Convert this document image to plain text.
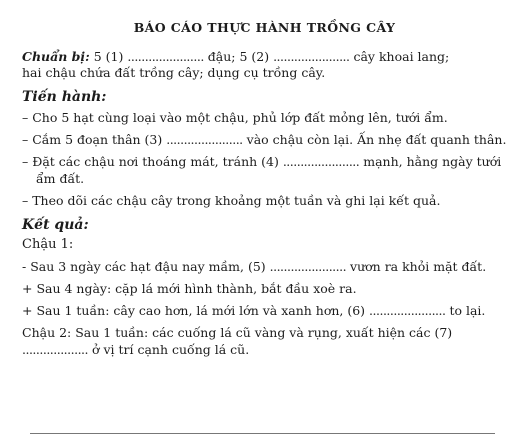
BÁO CÁO THỰC HÀNH TRỒNG CÂY

Chuẩn bị: 5 (1) ...................... đậu; 5 (2) ...................... cây khoai lang;
hai chậu chứa đất trồng cây; dụng cụ trồng cây.

Tiến hành:
– Cho 5 hạt cùng loại vào một chậu, phủ lớp đất mỏng lên, tưới ẩm.
– Cắm 5 đoạn thân (3) ...................... vào chậu còn lại. Ấn nhẹ đất quanh thân.
– Đặt các chậu nơi thoáng mát, tránh (4) ...................... mạnh, hằng ngày tưới ẩm đất.
– Theo dõi các chậu cây trong khoảng một tuần và ghi lại kết quả.
Kết quả:
Chậu 1:
- Sau 3 ngày các hạt đậu nay mầm, (5) ...................... vươn ra khỏi mặt đất.
+ Sau 4 ngày: cặp lá mới hình thành, bắt đầu xoè ra.
+ Sau 1 tuần: cây cao hơn, lá mới lớn và xanh hơn, (6) ...................... to lại.

Chậu 2: Sau 1 tuần: các cuống lá cũ vàng và rụng, xuất hiện các (7) ................... ở vị trí cạnh cuống lá cũ.
